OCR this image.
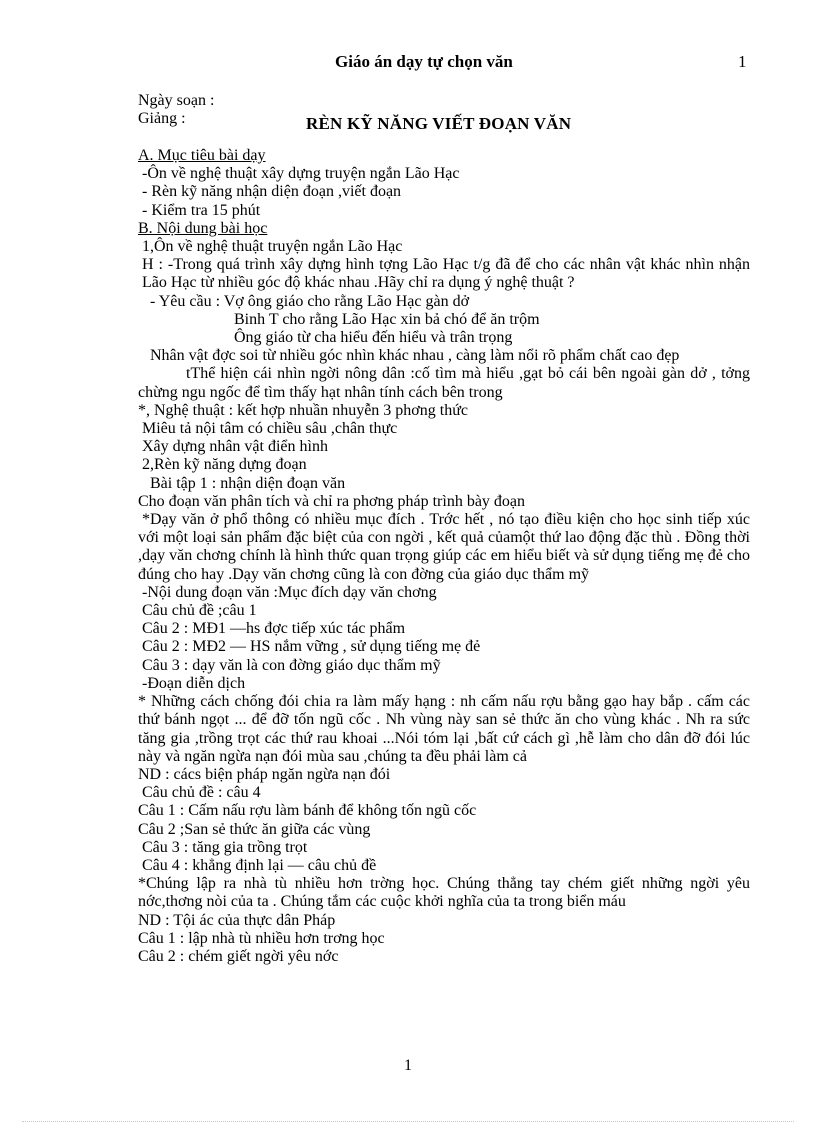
Giáo án dạy tự chọn văn	1
Ngày soạn :
Giảng :	RÈN KỸ NĂNG VIẾT ĐOẠN VĂN

A. Mục tiêu bài dạy

-Ôn về nghệ thuật xây dựng truyện ngắn Lão Hạc

- Rèn kỹ năng nhận diện đoạn ,viết đoạn

- Kiểm tra 15 phút

B. Nội dung bài học

1,Ôn về nghệ thuật truyện ngắn Lão Hạc

H : -Trong quá trình xây dựng hình tợng Lão Hạc t/g đã để cho các nhân vật khác nhìn nhận Lão Hạc từ nhiều góc độ khác nhau .Hãy chỉ ra dụng ý nghệ thuật ?

- Yêu cầu : Vợ ông giáo cho rằng Lão Hạc gàn dở

Binh T cho rằng Lão Hạc xin bả chó để ăn trộm

Ông giáo từ cha hiểu đến hiểu và trân trọng

Nhân vật đợc soi từ nhiều góc nhìn khác nhau , càng làm nổi rõ phẩm chất cao đẹp

tThể hiện cái nhìn ngời nông dân :cố tìm mà hiểu ,gạt bỏ cái bên ngoài gàn dở , tởng chừng ngu ngốc để tìm thấy hạt nhân tính cách bên trong

*, Nghệ thuật : kết hợp nhuần nhuyễn 3 phơng thức

Miêu tả nội tâm có chiều sâu ,chân thực

Xây dựng nhân vật điển hình

2,Rèn kỹ năng dựng đoạn

Bài tập 1 : nhận diện đoạn văn

Cho đoạn văn phân tích và chỉ ra phơng pháp trình bày đoạn

*Dạy văn ở phổ thông có nhiều mục đích . Trớc hết , nó tạo điều kiện cho học sinh tiếp xúc với một loại sản phẩm đặc biệt của con ngời , kết quả củamột thứ lao động đặc thù . Đồng thời ,dạy văn chơng chính là hình thức quan trọng giúp các em hiểu biết và sử dụng tiếng mẹ đẻ cho đúng cho hay .Dạy văn chơng cũng là con đờng của giáo dục thẩm mỹ

-Nội dung đoạn văn :Mục đích dạy văn chơng

Câu chủ đề ;câu 1

Câu 2 : MĐ1 —hs đợc tiếp xúc tác phẩm

Câu 2 : MĐ2 — HS nắm vững , sử dụng tiếng mẹ đẻ

Câu 3 : dạy văn là con đờng giáo dục thẩm mỹ

-Đoạn diễn dịch

* Những cách chống đói chia ra làm mấy hạng : nh cấm nấu rợu bằng gạo hay bắp . cấm các thứ bánh ngọt ... để đỡ tốn ngũ cốc . Nh vùng này san sẻ thức ăn cho vùng khác . Nh ra sức tăng gia ,trồng trọt các thứ rau khoai ...Nói tóm lại ,bất cứ cách gì ,hễ làm cho dân đỡ đói lúc này và ngăn ngừa nạn đói mùa sau ,chúng ta đều phải làm cả

ND : cács biện pháp ngăn ngừa nạn đói

Câu chủ đề : câu 4

Câu 1 : Cấm nấu rợu làm bánh để không tốn ngũ cốc

Câu 2 ;San sẻ thức ăn giữa các vùng

Câu 3 : tăng gia trồng trọt

Câu 4 : khẳng định lại — câu chủ đề

*Chúng lập ra nhà tù nhiều hơn trờng học. Chúng thẳng tay chém giết những ngời yêu nớc,thơng nòi của ta . Chúng tắm các cuộc khởi nghĩa của ta trong biển máu

ND : Tội ác của thực dân Pháp

Câu 1 : lập nhà tù nhiều hơn trơng học

Câu 2 : chém giết ngời yêu nớc

1
